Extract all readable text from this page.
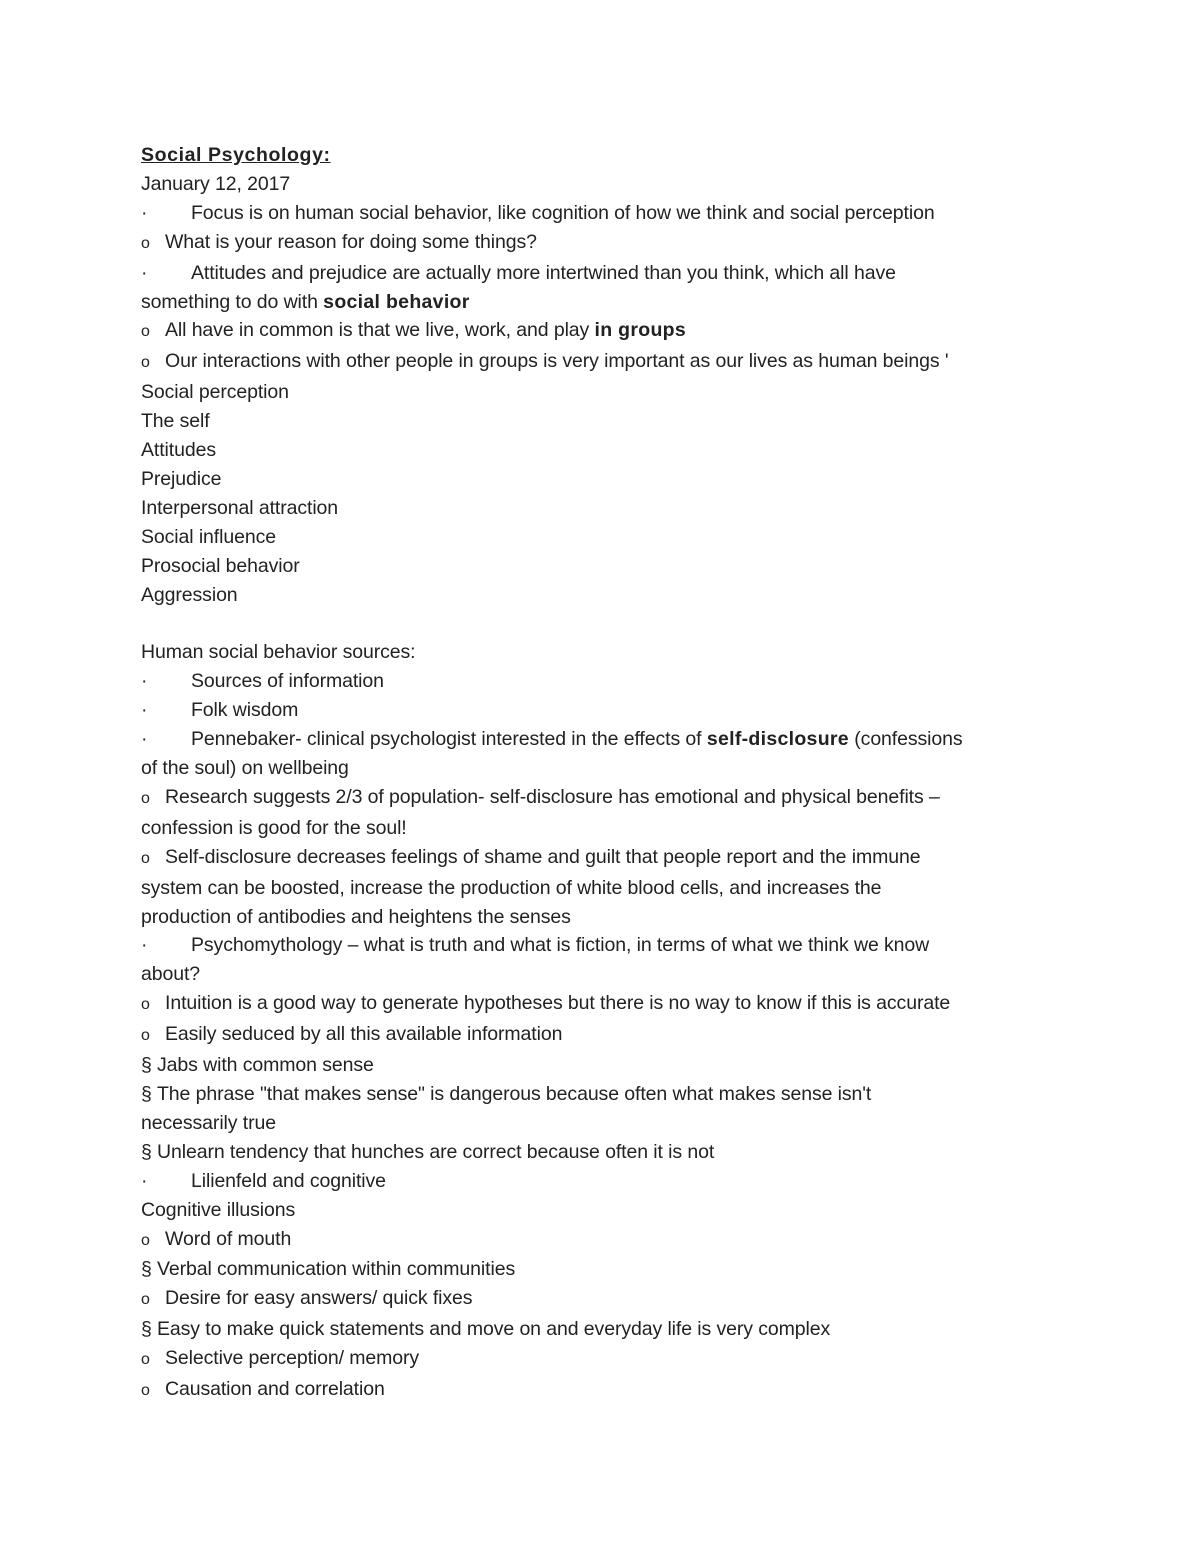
Social Psychology:
January 12, 2017
· Focus is on human social behavior, like cognition of how we think and social perception
o What is your reason for doing some things?
· Attitudes and prejudice are actually more intertwined than you think, which all have
something to do with social behavior
o All have in common is that we live, work, and play in groups
o Our interactions with other people in groups is very important as our lives as human beings '
Social perception
The self
Attitudes
Prejudice
Interpersonal attraction
Social influence
Prosocial behavior
Aggression
Human social behavior sources:
· Sources of information
· Folk wisdom
· Pennebaker- clinical psychologist interested in the effects of self-disclosure (confessions
of the soul) on wellbeing
o Research suggests 2/3 of population- self-disclosure has emotional and physical benefits –
confession is good for the soul!
o Self-disclosure decreases feelings of shame and guilt that people report and the immune
system can be boosted, increase the production of white blood cells, and increases the
production of antibodies and heightens the senses
· Psychomythology – what is truth and what is fiction, in terms of what we think we know
about?
o Intuition is a good way to generate hypotheses but there is no way to know if this is accurate
o Easily seduced by all this available information
§ Jabs with common sense
§ The phrase "that makes sense" is dangerous because often what makes sense isn't
necessarily true
§ Unlearn tendency that hunches are correct because often it is not
· Lilienfeld and cognitive
Cognitive illusions
o Word of mouth
§ Verbal communication within communities
o Desire for easy answers/ quick fixes
§ Easy to make quick statements and move on and everyday life is very complex
o Selective perception/ memory
o Causation and correlation
